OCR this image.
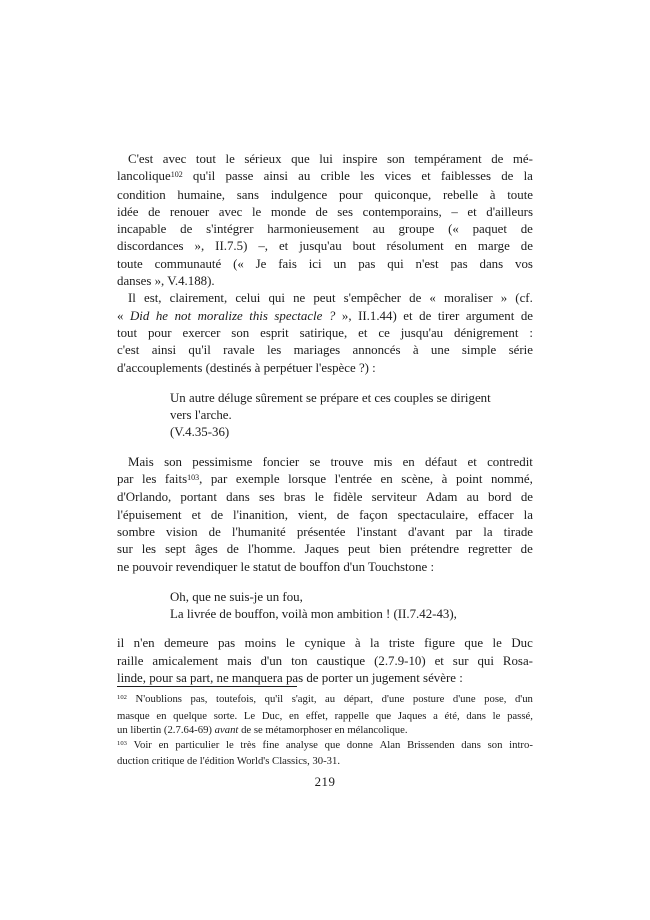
C'est avec tout le sérieux que lui inspire son tempérament de mé-
lancolique$^{102}$ qu'il passe ainsi au crible les vices et faiblesses de la
condition humaine, sans indulgence pour quiconque, rebelle à toute
idée de renouer avec le monde de ses contemporains, – et d'ailleurs
incapable de s'intégrer harmonieusement au groupe (« paquet de
discordances », II.7.5) –, et jusqu'au bout résolument en marge de
toute communauté (« Je fais ici un pas qui n'est pas dans vos
danses », V.4.188).
Il est, clairement, celui qui ne peut s'empêcher de « moraliser » (cf.
« Did he not moralize this spectacle ? », II.1.44) et de tirer argument de
tout pour exercer son esprit satirique, et ce jusqu'au dénigrement :
c'est ainsi qu'il ravale les mariages annoncés à une simple série
d'accouplements (destinés à perpétuer l'espèce ?) :
Un autre déluge sûrement se prépare et ces couples se dirigent
vers l'arche.
(V.4.35-36)
Mais son pessimisme foncier se trouve mis en défaut et contredit
par les faits$^{103}$, par exemple lorsque l'entrée en scène, à point nommé,
d'Orlando, portant dans ses bras le fidèle serviteur Adam au bord de
l'épuisement et de l'inanition, vient, de façon spectaculaire, effacer la
sombre vision de l'humanité présentée l'instant d'avant par la tirade
sur les sept âges de l'homme. Jaques peut bien prétendre regretter de
ne pouvoir revendiquer le statut de bouffon d'un Touchstone :
Oh, que ne suis-je un fou,
La livrée de bouffon, voilà mon ambition ! (II.7.42-43),
il n'en demeure pas moins le cynique à la triste figure que le Duc
raille amicalement mais d'un ton caustique (2.7.9-10) et sur qui Rosa-
linde, pour sa part, ne manquera pas de porter un jugement sévère :
$^{102}$ N'oublions pas, toutefois, qu'il s'agit, au départ, d'une posture d'une pose, d'un
masque en quelque sorte. Le Duc, en effet, rappelle que Jaques a été, dans le passé,
un libertin (2.7.64-69) avant de se métamorphoser en mélancolique.
$^{103}$ Voir en particulier le très fine analyse que donne Alan Brissenden dans son intro-
duction critique de l'édition World's Classics, 30-31.
219
